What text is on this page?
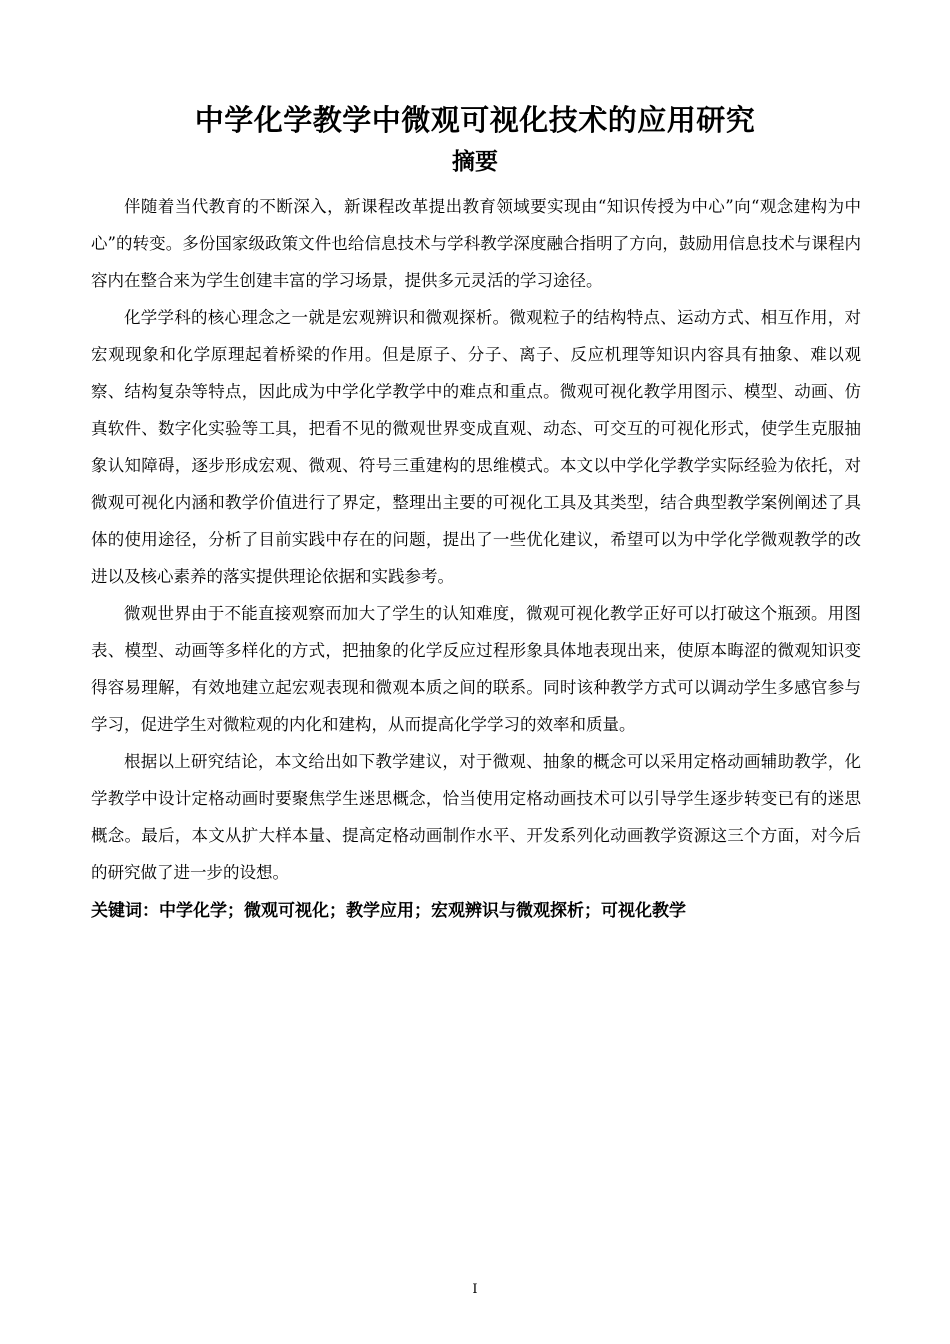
中学化学教学中微观可视化技术的应用研究
摘要

伴随着当代教育的不断深入，新课程改革提出教育领域要实现由“知识传授为中心”向“观念建构为中心”的转变。多份国家级政策文件也给信息技术与学科教学深度融合指明了方向，鼓励用信息技术与课程内容内在整合来为学生创建丰富的学习场景，提供多元灵活的学习途径。

化学学科的核心理念之一就是宏观辨识和微观探析。微观粒子的结构特点、运动方式、相互作用，对宏观现象和化学原理起着桥梁的作用。但是原子、分子、离子、反应机理等知识内容具有抽象、难以观察、结构复杂等特点，因此成为中学化学教学中的难点和重点。微观可视化教学用图示、模型、动画、仿真软件、数字化实验等工具，把看不见的微观世界变成直观、动态、可交互的可视化形式，使学生克服抽象认知障碍，逐步形成宏观、微观、符号三重建构的思维模式。本文以中学化学教学实际经验为依托，对微观可视化内涵和教学价值进行了界定，整理出主要的可视化工具及其类型，结合典型教学案例阐述了具体的使用途径，分析了目前实践中存在的问题，提出了一些优化建议，希望可以为中学化学微观教学的改进以及核心素养的落实提供理论依据和实践参考。

微观世界由于不能直接观察而加大了学生的认知难度，微观可视化教学正好可以打破这个瓶颈。用图表、模型、动画等多样化的方式，把抽象的化学反应过程形象具体地表现出来，使原本晦涩的微观知识变得容易理解，有效地建立起宏观表现和微观本质之间的联系。同时该种教学方式可以调动学生多感官参与学习，促进学生对微粒观的内化和建构，从而提高化学学习的效率和质量。

根据以上研究结论，本文给出如下教学建议，对于微观、抽象的概念可以采用定格动画辅助教学，化学教学中设计定格动画时要聚焦学生迷思概念，恰当使用定格动画技术可以引导学生逐步转变已有的迷思概念。最后，本文从扩大样本量、提高定格动画制作水平、开发系列化动画教学资源这三个方面，对今后的研究做了进一步的设想。

关键词：中学化学；微观可视化；教学应用；宏观辨识与微观探析；可视化教学

I
